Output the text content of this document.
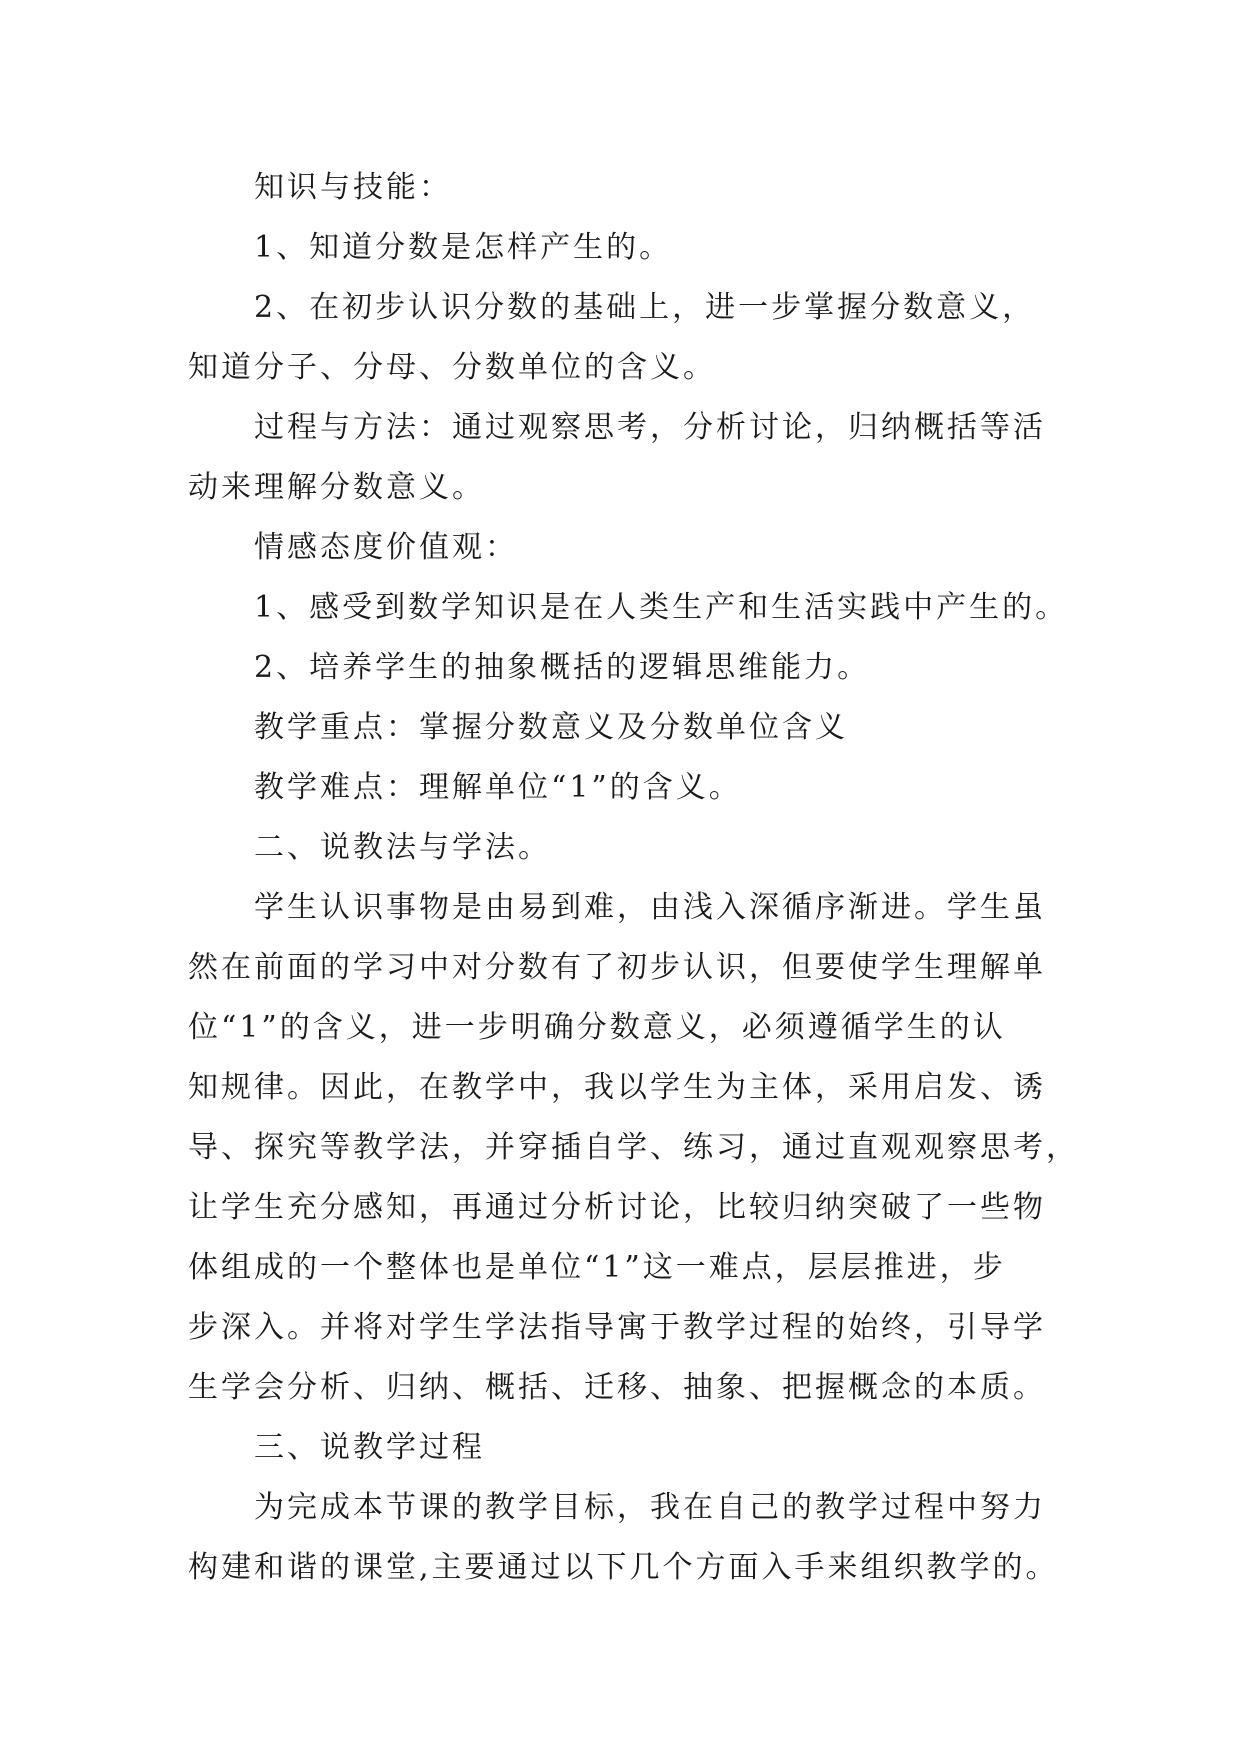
知识与技能：
1、知道分数是怎样产生的。
2、在初步认识分数的基础上，进一步掌握分数意义，
知道分子、分母、分数单位的含义。
过程与方法：通过观察思考，分析讨论，归纳概括等活
动来理解分数意义。
情感态度价值观：
1、感受到数学知识是在人类生产和生活实践中产生的。
2、培养学生的抽象概括的逻辑思维能力。
教学重点：掌握分数意义及分数单位含义
教学难点：理解单位“1”的含义。
二、说教法与学法。
学生认识事物是由易到难，由浅入深循序渐进。学生虽
然在前面的学习中对分数有了初步认识，但要使学生理解单
位“1”的含义，进一步明确分数意义，必须遵循学生的认
知规律。因此，在教学中，我以学生为主体，采用启发、诱
导、探究等教学法，并穿插自学、练习，通过直观观察思考，
让学生充分感知，再通过分析讨论，比较归纳突破了一些物
体组成的一个整体也是单位“1”这一难点，层层推进，步
步深入。并将对学生学法指导寓于教学过程的始终，引导学
生学会分析、归纳、概括、迁移、抽象、把握概念的本质。
三、说教学过程
为完成本节课的教学目标，我在自己的教学过程中努力
构建和谐的课堂,主要通过以下几个方面入手来组织教学的。
